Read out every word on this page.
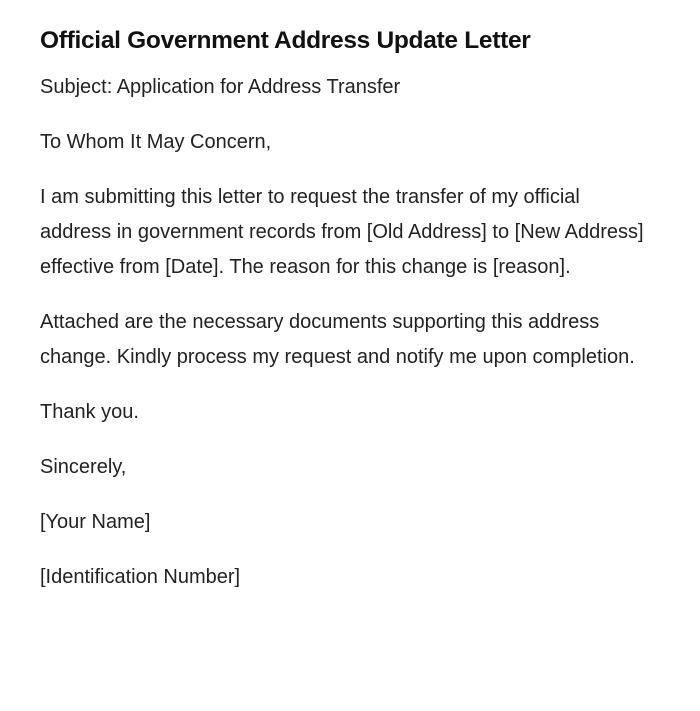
Official Government Address Update Letter

Subject: Application for Address Transfer

To Whom It May Concern,

I am submitting this letter to request the transfer of my official address in government records from [Old Address] to [New Address] effective from [Date]. The reason for this change is [reason].

Attached are the necessary documents supporting this address change. Kindly process my request and notify me upon completion.

Thank you.

Sincerely,

[Your Name]

[Identification Number]
